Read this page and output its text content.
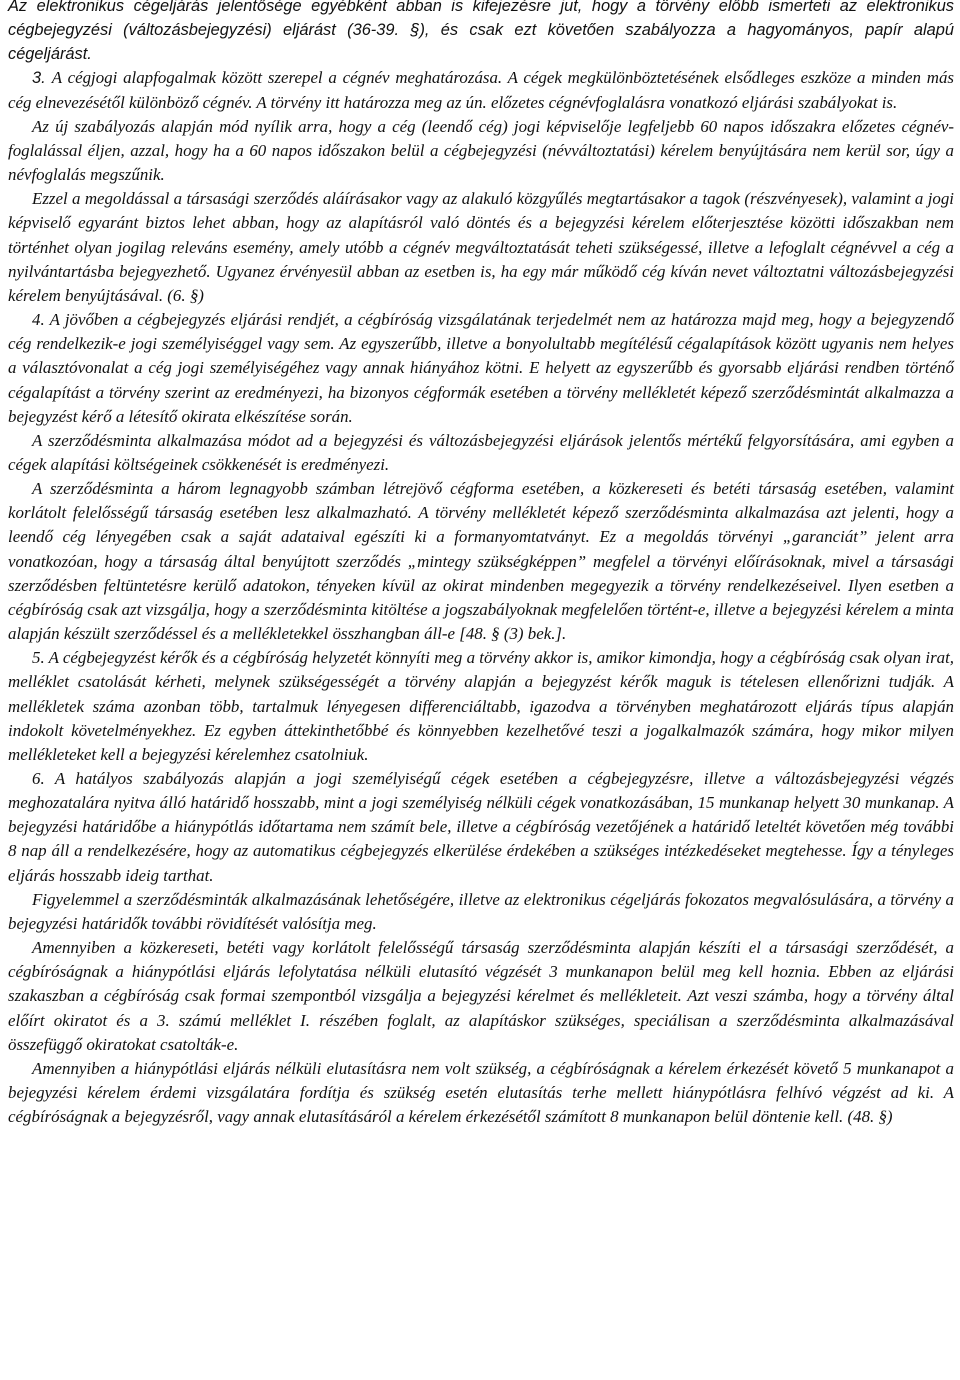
Az elektronikus cégeljárás jelentősége egyébként abban is kifejezésre jut, hogy a törvény előbb ismerteti az elektronikus cégbejegyzési (változásbejegyzési) eljárást (36-39. §), és csak ezt követően szabályozza a hagyományos, papír alapú cégeljárást.

3. A cégjogi alapfogalmak között szerepel a cégnév meghatározása. A cégek megkülönböztetésének elsődleges eszköze a minden más cég elnevezésétől különböző cégnév. A törvény itt határozza meg az ún. előzetes cégnévfoglalásra vonatkozó eljárási szabályokat is.

Az új szabályozás alapján mód nyílik arra, hogy a cég (leendő cég) jogi képviselője legfeljebb 60 napos időszakra előzetes cégnév-foglalással éljen, azzal, hogy ha a 60 napos időszakon belül a cégbejegyzési (névváltoztatási) kérelem benyújtására nem kerül sor, úgy a névfoglalás megszűnik.

Ezzel a megoldással a társasági szerződés aláírásakor vagy az alakuló közgyűlés megtartásakor a tagok (részvényesek), valamint a jogi képviselő egyaránt biztos lehet abban, hogy az alapításról való döntés és a bejegyzési kérelem előterjesztése közötti időszakban nem történhet olyan jogilag releváns esemény, amely utóbb a cégnév megváltoztatását teheti szükségessé, illetve a lefoglalt cégnévvel a cég a nyilvántartásba bejegyezhető. Ugyanez érvényesül abban az esetben is, ha egy már működő cég kíván nevet változtatni változásbejegyzési kérelem benyújtásával. (6. §)

4. A jövőben a cégbejegyzés eljárási rendjét, a cégbíróság vizsgálatának terjedelmét nem az határozza majd meg, hogy a bejegyzendő cég rendelkezik-e jogi személyiséggel vagy sem. Az egyszerűbb, illetve a bonyolultabb megítélésű cégalapítások között ugyanis nem helyes a választóvonalat a cég jogi személyiségéhez vagy annak hiányához kötni. E helyett az egyszerűbb és gyorsabb eljárási rendben történő cégalapítást a törvény szerint az eredményezi, ha bizonyos cégformák esetében a törvény mellékletét képező szerződésmintát alkalmazza a bejegyzést kérő a létesítő okirata elkészítése során.

A szerződésminta alkalmazása módot ad a bejegyzési és változásbejegyzési eljárások jelentős mértékű felgyorsítására, ami egyben a cégek alapítási költségeinek csökkenését is eredményezi.

A szerződésminta a három legnagyobb számban létrejövő cégforma esetében, a közkereseti és betéti társaság esetében, valamint korlátolt felelősségű társaság esetében lesz alkalmazható. A törvény mellékletét képező szerződésminta alkalmazása azt jelenti, hogy a leendő cég lényegében csak a saját adataival egészíti ki a formanyomtatványt. Ez a megoldás törvényi „garanciát” jelent arra vonatkozóan, hogy a társaság által benyújtott szerződés „mintegy szükségképpen” megfelel a törvényi előírásoknak, mivel a társasági szerződésben feltüntetésre kerülő adatokon, tényeken kívül az okirat mindenben megegyezik a törvény rendelkezéseivel. Ilyen esetben a cégbíróság csak azt vizsgálja, hogy a szerződésminta kitöltése a jogszabályoknak megfelelően történt-e, illetve a bejegyzési kérelem a minta alapján készült szerződéssel és a mellékletekkel összhangban áll-e [48. § (3) bek.].

5. A cégbejegyzést kérők és a cégbíróság helyzetét könnyíti meg a törvény akkor is, amikor kimondja, hogy a cégbíróság csak olyan irat, melléklet csatolását kérheti, melynek szükségességét a törvény alapján a bejegyzést kérők maguk is tételesen ellenőrizni tudják. A mellékletek száma azonban több, tartalmuk lényegesen differenciáltabb, igazodva a törvényben meghatározott eljárás típus alapján indokolt követelményekhez. Ez egyben áttekinthetőbbé és könnyebben kezelhetővé teszi a jogalkalmazók számára, hogy mikor milyen mellékleteket kell a bejegyzési kérelemhez csatolniuk.

6. A hatályos szabályozás alapján a jogi személyiségű cégek esetében a cégbejegyzésre, illetve a változásbejegyzési végzés meghozatalára nyitva álló határidő hosszabb, mint a jogi személyiség nélküli cégek vonatkozásában, 15 munkanap helyett 30 munkanap. A bejegyzési határidőbe a hiánypótlás időtartama nem számít bele, illetve a cégbíróság vezetőjének a határidő leteltét követően még további 8 nap áll a rendelkezésére, hogy az automatikus cégbejegyzés elkerülése érdekében a szükséges intézkedéseket megtehesse. Így a tényleges eljárás hosszabb ideig tarthat.

Figyelemmel a szerződésminták alkalmazásának lehetőségére, illetve az elektronikus cégeljárás fokozatos megvalósulására, a törvény a bejegyzési határidők további rövidítését valósítja meg.

Amennyiben a közkereseti, betéti vagy korlátolt felelősségű társaság szerződésminta alapján készíti el a társasági szerződését, a cégbíróságnak a hiánypótlási eljárás lefolytatása nélküli elutasító végzését 3 munkanapon belül meg kell hoznia. Ebben az eljárási szakaszban a cégbíróság csak formai szempontból vizsgálja a bejegyzési kérelmet és mellékleteit. Azt veszi számba, hogy a törvény által előírt okiratot és a 3. számú melléklet I. részében foglalt, az alapításkor szükséges, speciálisan a szerződésminta alkalmazásával összefüggő okiratokat csatolták-e.

Amennyiben a hiánypótlási eljárás nélküli elutasításra nem volt szükség, a cégbíróságnak a kérelem érkezését követő 5 munkanapot a bejegyzési kérelem érdemi vizsgálatára fordítja és szükség esetén elutasítás terhe mellett hiánypótlásra felhívó végzést ad ki. A cégbíróságnak a bejegyzésről, vagy annak elutasításáról a kérelem érkezésétől számított 8 munkanapon belül döntenie kell. (48. §)
